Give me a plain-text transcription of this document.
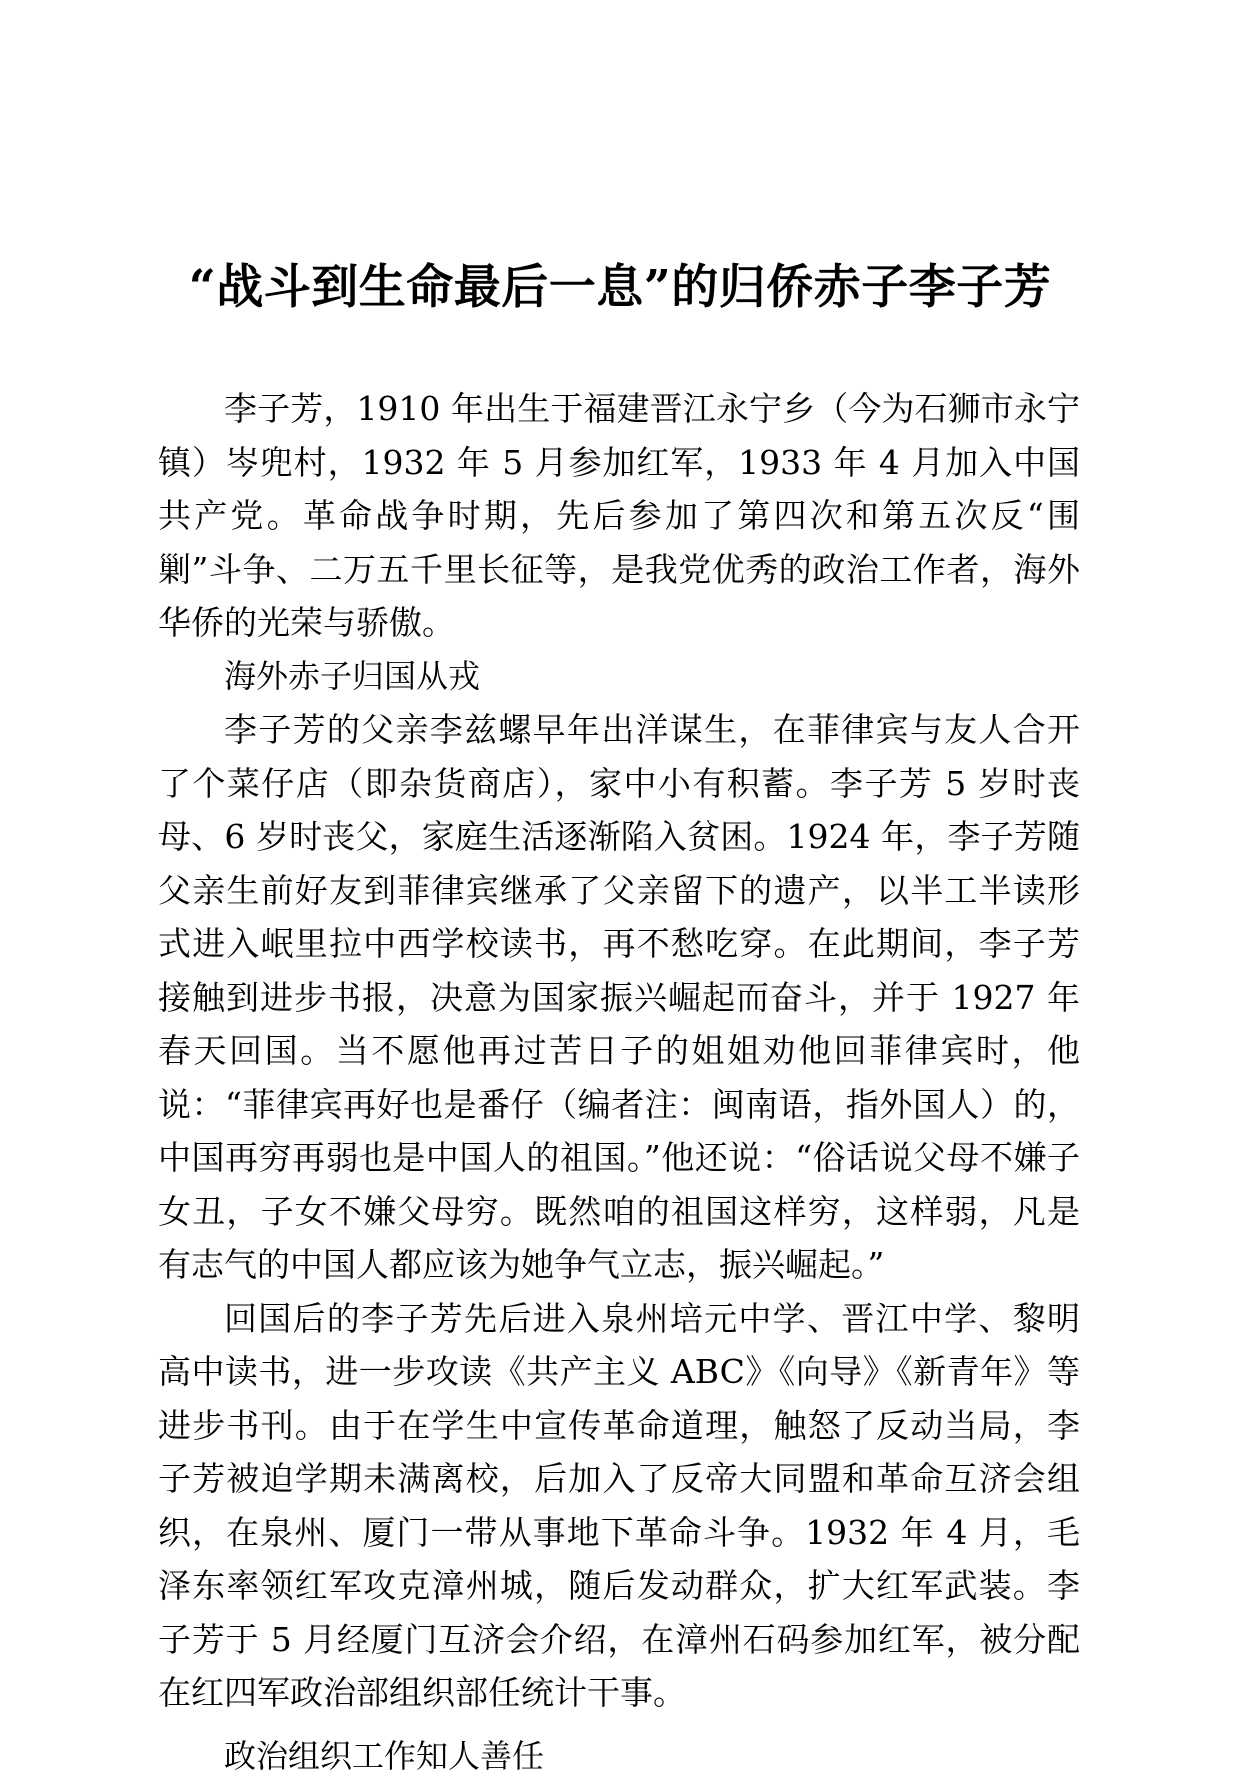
“战斗到生命最后一息”的归侨赤子李子芳

李子芳，1910 年出生于福建晋江永宁乡（今为石狮市永宁镇）岑兜村，1932 年 5 月参加红军，1933 年 4 月加入中国共产党。革命战争时期，先后参加了第四次和第五次反“围剿”斗争、二万五千里长征等，是我党优秀的政治工作者，海外华侨的光荣与骄傲。

海外赤子归国从戎

李子芳的父亲李兹螺早年出洋谋生，在菲律宾与友人合开了个菜仔店（即杂货商店），家中小有积蓄。李子芳 5 岁时丧母、6 岁时丧父，家庭生活逐渐陷入贫困。1924 年，李子芳随父亲生前好友到菲律宾继承了父亲留下的遗产，以半工半读形式进入岷里拉中西学校读书，再不愁吃穿。在此期间，李子芳接触到进步书报，决意为国家振兴崛起而奋斗，并于 1927 年春天回国。当不愿他再过苦日子的姐姐劝他回菲律宾时，他说：“菲律宾再好也是番仔（编者注：闽南语，指外国人）的，中国再穷再弱也是中国人的祖国。”他还说：“俗话说父母不嫌子女丑，子女不嫌父母穷。既然咱的祖国这样穷，这样弱，凡是有志气的中国人都应该为她争气立志，振兴崛起。”

回国后的李子芳先后进入泉州培元中学、晋江中学、黎明高中读书，进一步攻读《共产主义 ABC》《向导》《新青年》等进步书刊。由于在学生中宣传革命道理，触怒了反动当局，李子芳被迫学期未满离校，后加入了反帝大同盟和革命互济会组织，在泉州、厦门一带从事地下革命斗争。1932 年 4 月，毛泽东率领红军攻克漳州城，随后发动群众，扩大红军武装。李子芳于 5 月经厦门互济会介绍，在漳州石码参加红军，被分配在红四军政治部组织部任统计干事。

政治组织工作知人善任
